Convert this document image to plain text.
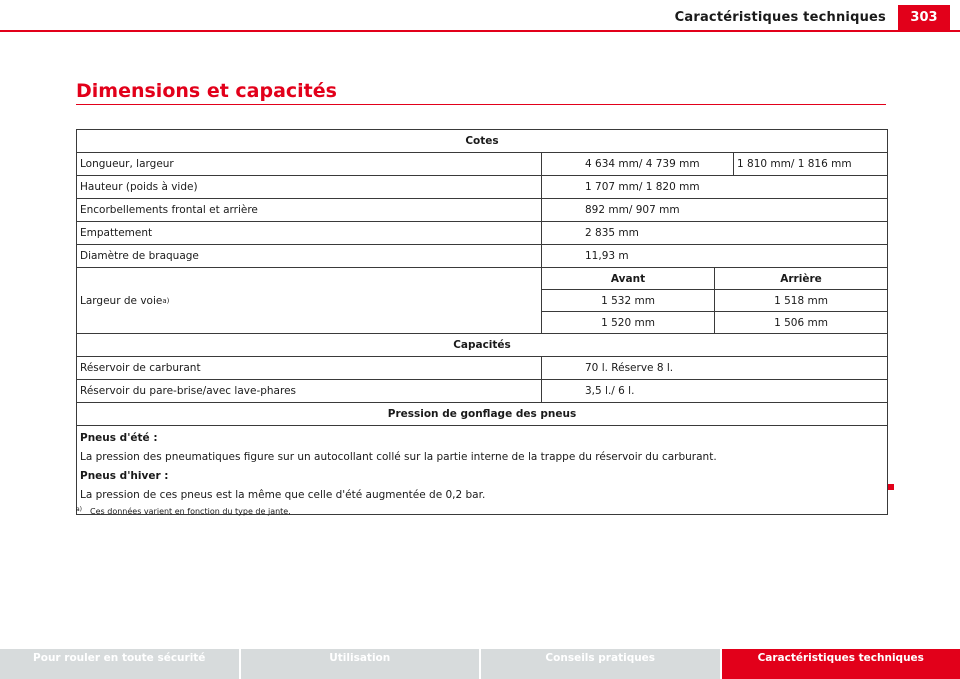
Caractéristiques techniques	303
Dimensions et capacités
Cotes
Longueur, largeur	4 634 mm/ 4 739 mm	1 810 mm/ 1 816 mm
Hauteur (poids à vide)	1 707 mm/ 1 820 mm
Encorbellements frontal et arrière	892 mm/ 907 mm
Empattement	2 835 mm
Diamètre de braquage	11,93 m
Largeur de voie a)
Avant	Arrière
1 532 mm	1 518 mm
1 520 mm	1 506 mm
Capacités
Réservoir de carburant	70 l. Réserve 8 l.
Réservoir du pare-brise/avec lave-phares	3,5 l./ 6 l.
Pression de gonflage des pneus

Pneus d'été :

La pression des pneumatiques figure sur un autocollant collé sur la partie interne de la trappe du réservoir du carburant.

Pneus d'hiver :

La pression de ces pneus est la même que celle d'été augmentée de 0,2 bar.

$^{a)}$ Ces données varient en fonction du type de jante.
Pour rouler en toute sécurité	Utilisation	Conseils pratiques	Caractéristiques techniques
